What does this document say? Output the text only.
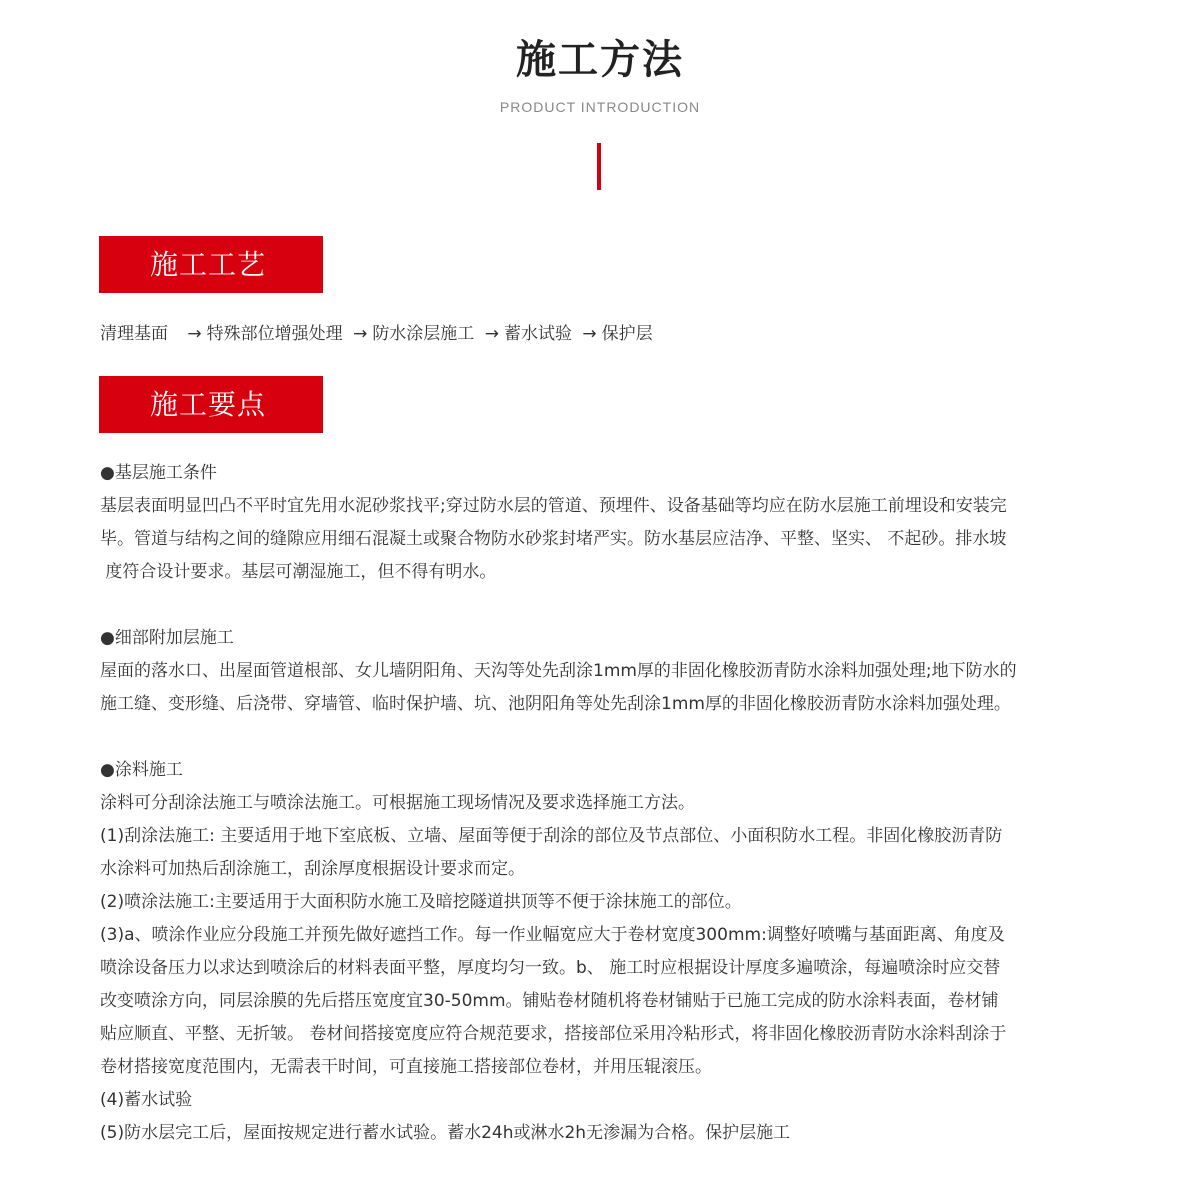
施工方法
PRODUCT INTRODUCTION
施工工艺
清理基面 → 特殊部位增强处理 → 防水涂层施工 → 蓄水试验 → 保护层
施工要点

●基层施工条件

基层表面明显凹凸不平时宜先用水泥砂浆找平;穿过防水层的管道、预埋件、设备基础等均应在防水层施工前埋设和安装完

毕。管道与结构之间的缝隙应用细石混凝土或聚合物防水砂浆封堵严实。防水基层应洁净、平整、坚实、 不起砂。排水坡

度符合设计要求。基层可潮湿施工，但不得有明水。

●细部附加层施工

屋面的落水口、出屋面管道根部、女儿墙阴阳角、天沟等处先刮涂1mm厚的非固化橡胶沥青防水涂料加强处理;地下防水的

施工缝、变形缝、后浇带、穿墙管、临时保护墙、坑、池阴阳角等处先刮涂1mm厚的非固化橡胶沥青防水涂料加强处理。

●涂料施工

涂料可分刮涂法施工与喷涂法施工。可根据施工现场情况及要求选择施工方法。

(1)刮涂法施工: 主要适用于地下室底板、立墙、屋面等便于刮涂的部位及节点部位、小面积防水工程。非固化橡胶沥青防

水涂料可加热后刮涂施工，刮涂厚度根据设计要求而定。

(2)喷涂法施工:主要适用于大面积防水施工及暗挖隧道拱顶等不便于涂抹施工的部位。

(3)a、喷涂作业应分段施工并预先做好遮挡工作。每一作业幅宽应大于卷材宽度300mm:调整好喷嘴与基面距离、角度及

喷涂设备压力以求达到喷涂后的材料表面平整，厚度均匀一致。b、 施工时应根据设计厚度多遍喷涂，每遍喷涂时应交替

改变喷涂方向，同层涂膜的先后搭压宽度宜30-50mm。铺贴卷材随机将卷材铺贴于已施工完成的防水涂料表面，卷材铺

贴应顺直、平整、无折皱。 卷材间搭接宽度应符合规范要求，搭接部位采用冷粘形式，将非固化橡胶沥青防水涂料刮涂于

卷材搭接宽度范围内，无需表干时间，可直接施工搭接部位卷材，并用压辊滚压。

(4)蓄水试验

(5)防水层完工后，屋面按规定进行蓄水试验。蓄水24h或淋水2h无渗漏为合格。保护层施工
